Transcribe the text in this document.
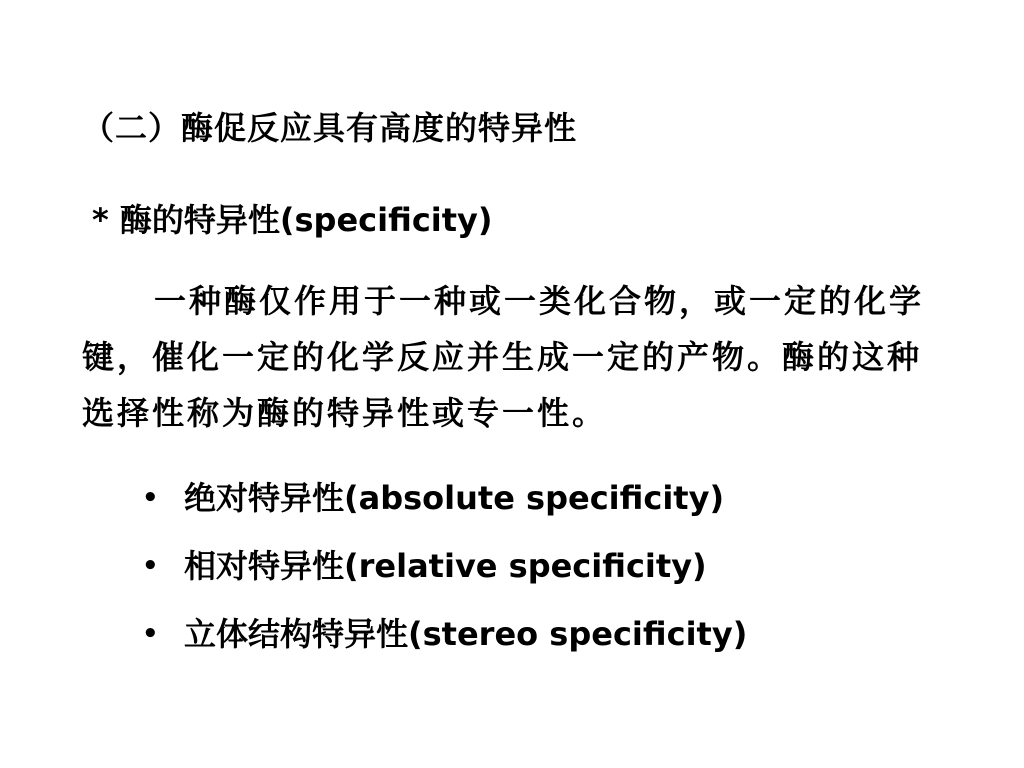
（二）酶促反应具有高度的特异性
* 酶的特异性(specificity)
一种酶仅作用于一种或一类化合物，或一定的化学键，催化一定的化学反应并生成一定的产物。酶的这种选择性称为酶的特异性或专一性。
• 绝对特异性(absolute specificity)
• 相对特异性(relative specificity)
• 立体结构特异性(stereo specificity)
